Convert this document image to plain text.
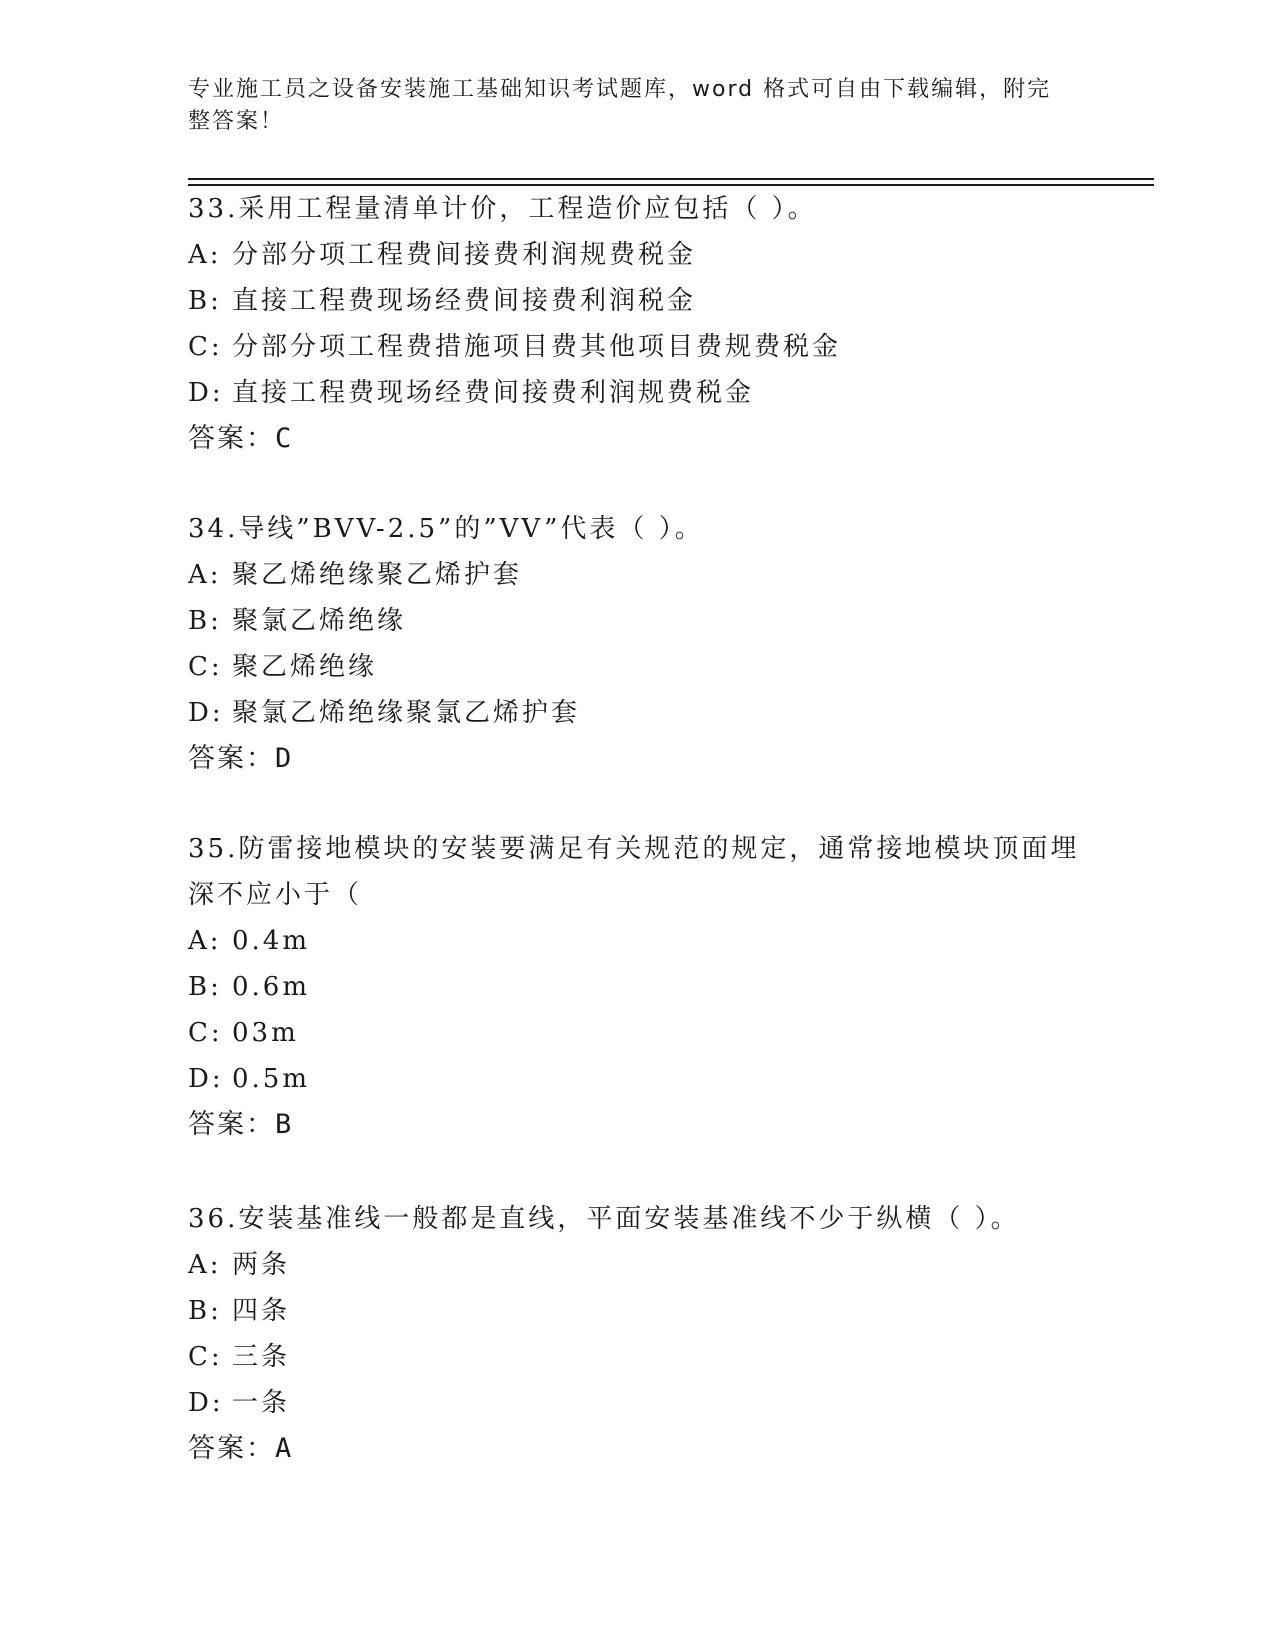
专业施工员之设备安装施工基础知识考试题库，word 格式可自由下载编辑，附完整答案！

33.采用工程量清单计价，工程造价应包括（ ）。

A: 分部分项工程费间接费利润规费税金

B: 直接工程费现场经费间接费利润税金

C: 分部分项工程费措施项目费其他项目费规费税金

D: 直接工程费现场经费间接费利润规费税金

答案：C

34.导线”BVV-2.5”的”VV”代表（ ）。

A: 聚乙烯绝缘聚乙烯护套

B: 聚氯乙烯绝缘

C: 聚乙烯绝缘

D: 聚氯乙烯绝缘聚氯乙烯护套

答案：D

35.防雷接地模块的安装要满足有关规范的规定，通常接地模块顶面埋深不应小于（

A: 0.4m

B: 0.6m

C: 03m

D: 0.5m

答案：B

36.安装基准线一般都是直线，平面安装基准线不少于纵横（ ）。

A: 两条

B: 四条

C: 三条

D: 一条

答案：A
